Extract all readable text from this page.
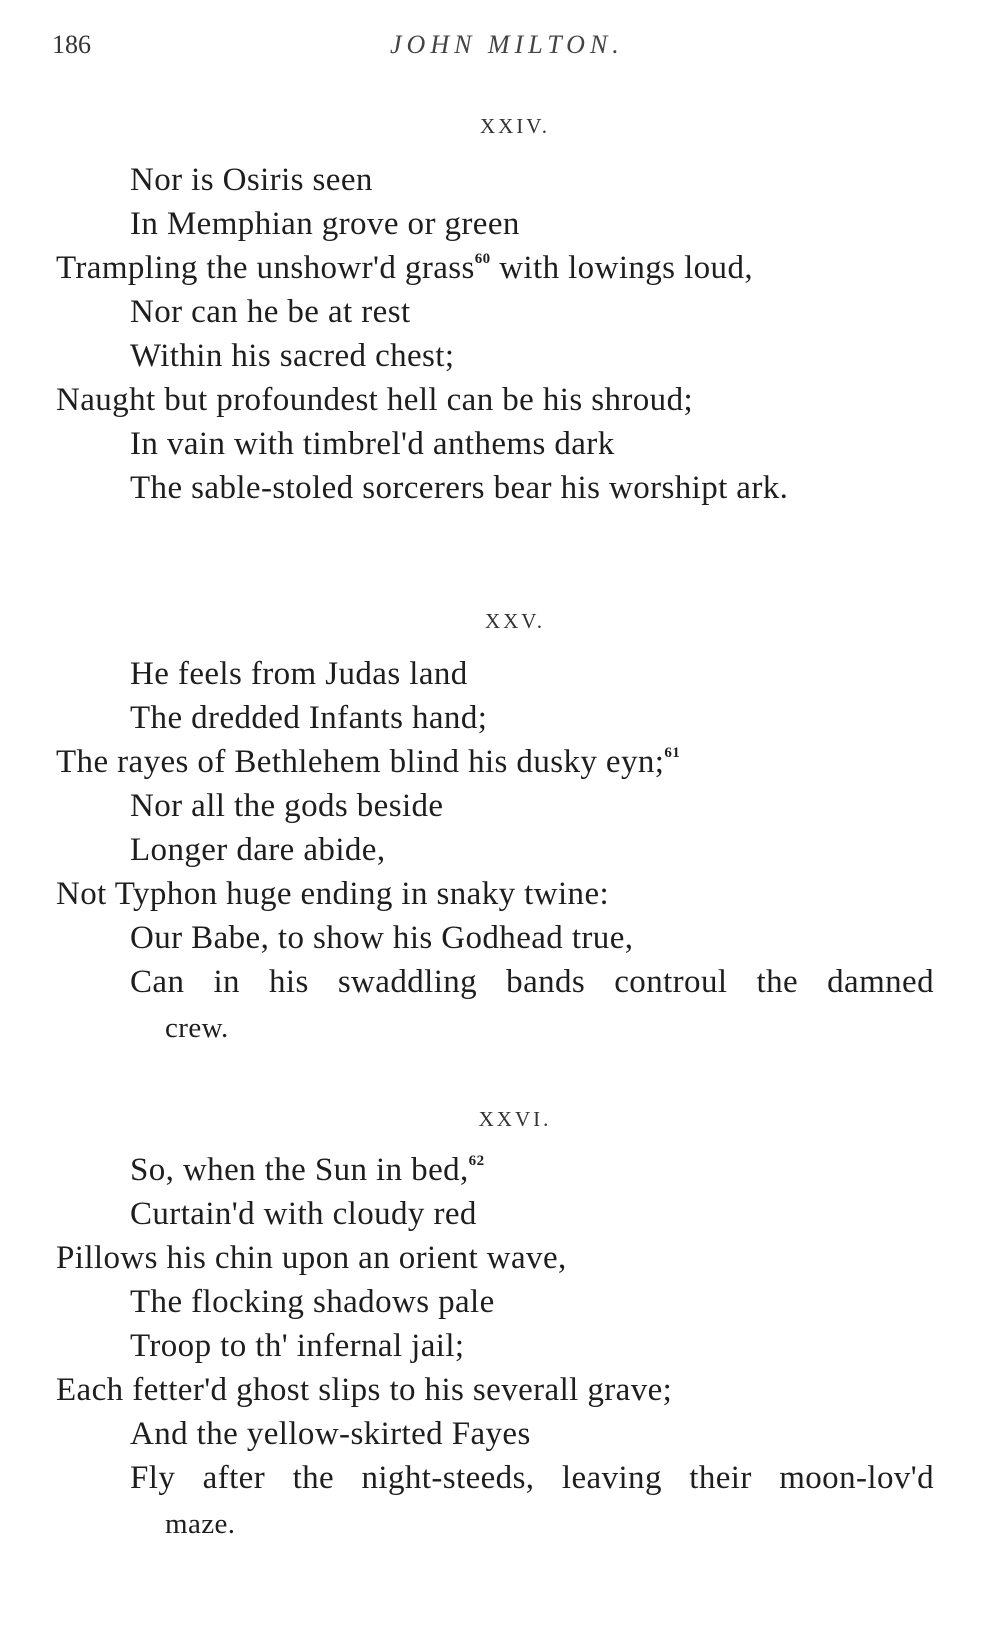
186	JOHN MILTON.
XXIV.
Nor is Osiris seen
In Memphian grove or green
Trampling the unshowr'd grass$^{60}$ with lowings loud,
Nor can he be at rest
Within his sacred chest;
Naught but profoundest hell can be his shroud;
In vain with timbrel'd anthems dark
The sable-stoled sorcerers bear his worshipt ark.
XXV.
He feels from Judas land
The dredded Infants hand;
The rayes of Bethlehem blind his dusky eyn;$^{61}$
Nor all the gods beside
Longer dare abide,
Not Typhon huge ending in snaky twine:
Our Babe, to show his Godhead true,
Can in his swaddling bands controul the damned
crew.
XXVI.
So, when the Sun in bed,$^{62}$
Curtain'd with cloudy red
Pillows his chin upon an orient wave,
The flocking shadows pale
Troop to th' infernal jail;
Each fetter'd ghost slips to his severall grave;
And the yellow-skirted Fayes
Fly after the night-steeds, leaving their moon-lov'd
maze.
